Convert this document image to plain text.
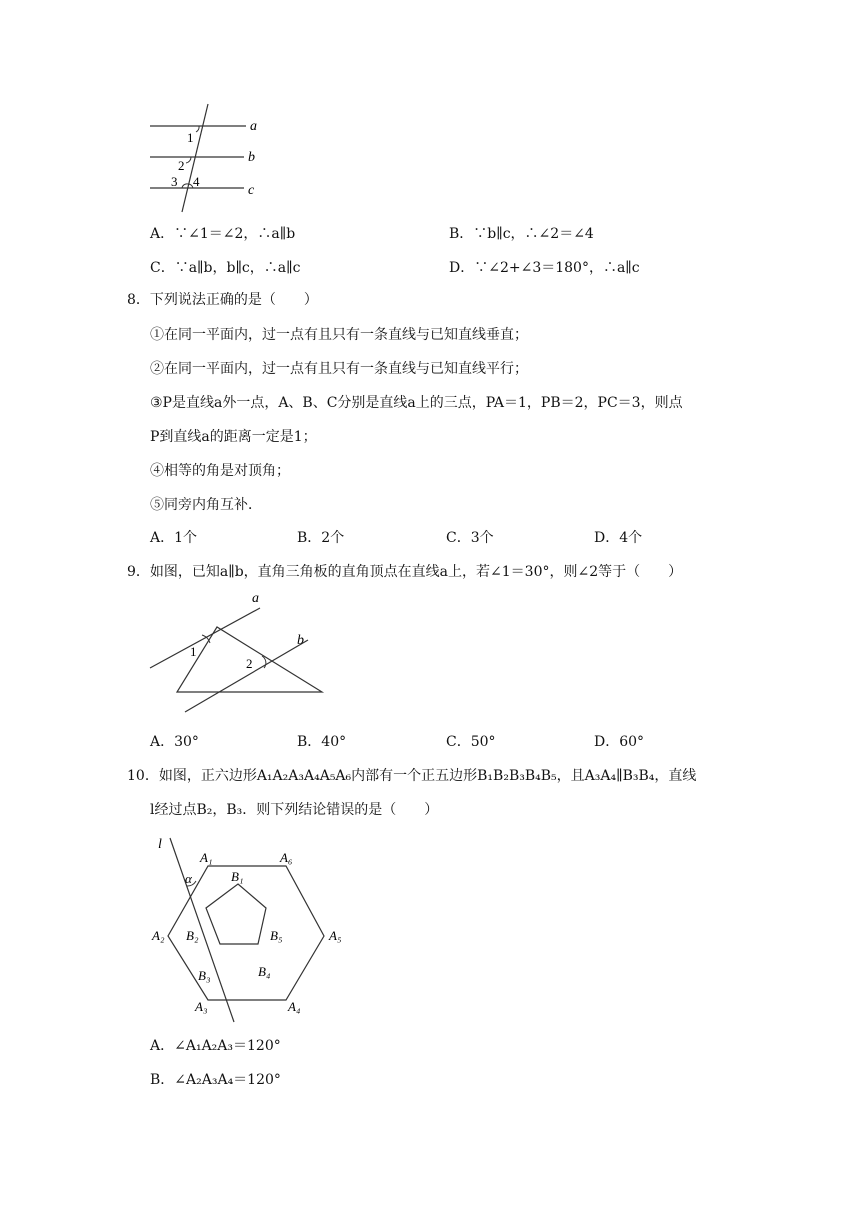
a
b
c
1
2
3 4
A．∵∠1＝∠2，∴a∥b	B．∵b∥c，∴∠2＝∠4
C．∵a∥b，b∥c，∴a∥c	D．∵∠2+∠3＝180°，∴a∥c
8．下列说法正确的是（　　）
①在同一平面内，过一点有且只有一条直线与已知直线垂直；
②在同一平面内，过一点有且只有一条直线与已知直线平行；
③P是直线a外一点，A、B、C分别是直线a上的三点，PA＝1，PB＝2，PC＝3，则点
P到直线a的距离一定是1；
④相等的角是对顶角；
⑤同旁内角互补．
A．1个	B．2个	C．3个	D．4个
9．如图，已知a∥b，直角三角板的直角顶点在直线a上，若∠1＝30°，则∠2等于（　　）
a
b
1
2
A．30°	B．40°	C．50°	D．60°
10．如图，正六边形A₁A₂A₃A₄A₅A₆内部有一个正五边形B₁B₂B₃B₄B₅，且A₃A₄∥B₃B₄，直线
l经过点B₂，B₃．则下列结论错误的是（　　）
l
α
A₁
A₂
A₃	A₄
A₅
A₆
B₁
B₂
B₃	B₄
B₅
A．∠A₁A₂A₃＝120°
B．∠A₂A₃A₄＝120°
